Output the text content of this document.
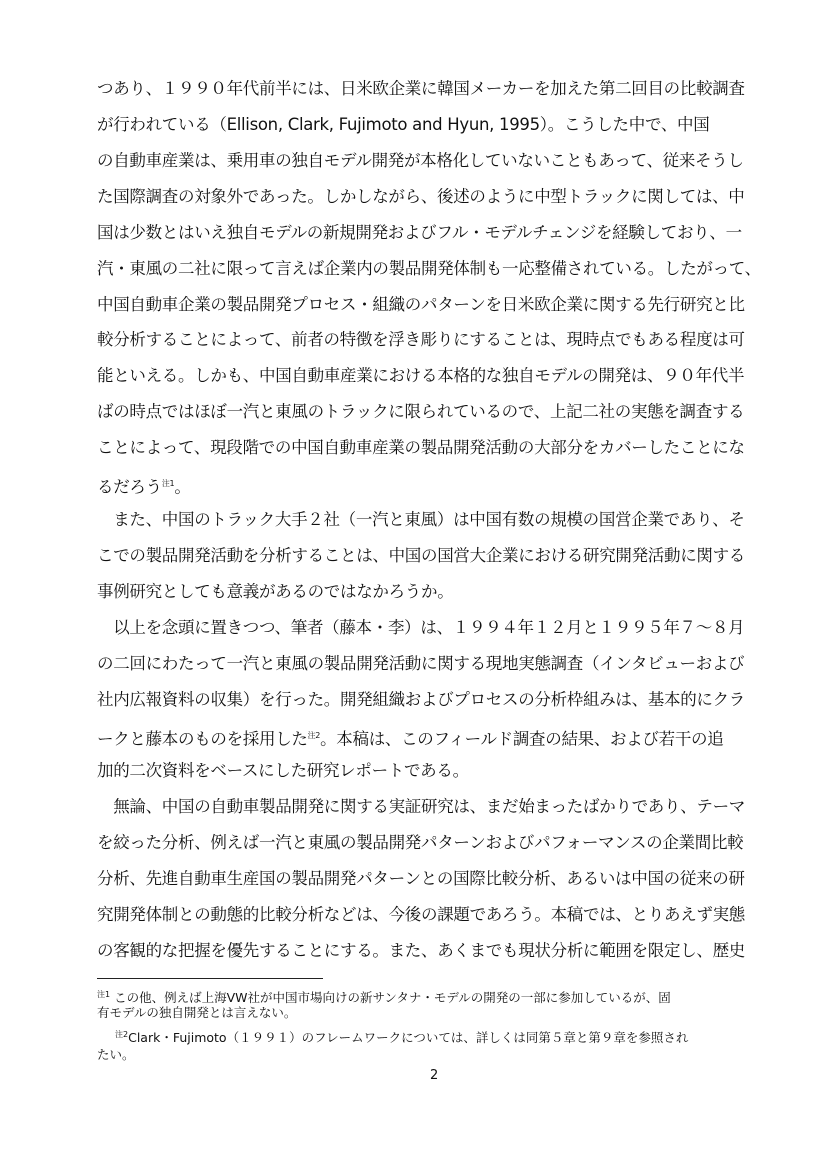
つあり、１９９０年代前半には、日米欧企業に韓国メーカーを加えた第二回目の比較調査
が行われている（Ellison, Clark, Fujimoto and Hyun, 1995）。こうした中で、中国
の自動車産業は、乗用車の独自モデル開発が本格化していないこともあって、従来そうし
た国際調査の対象外であった。しかしながら、後述のように中型トラックに関しては、中
国は少数とはいえ独自モデルの新規開発およびフル・モデルチェンジを経験しており、一
汽・東風の二社に限って言えば企業内の製品開発体制も一応整備されている。したがって、
中国自動車企業の製品開発プロセス・組織のパターンを日米欧企業に関する先行研究と比
較分析することによって、前者の特徴を浮き彫りにすることは、現時点でもある程度は可
能といえる。しかも、中国自動車産業における本格的な独自モデルの開発は、９０年代半
ばの時点ではほぼ一汽と東風のトラックに限られているので、上記二社の実態を調査する
ことによって、現段階での中国自動車産業の製品開発活動の大部分をカバーしたことにな
るだろう$^{注1}$。
　また、中国のトラック大手２社（一汽と東風）は中国有数の規模の国営企業であり、そ
こでの製品開発活動を分析することは、中国の国営大企業における研究開発活動に関する
事例研究としても意義があるのではなかろうか。
　以上を念頭に置きつつ、筆者（藤本・李）は、１９９４年１２月と１９９５年７～８月
の二回にわたって一汽と東風の製品開発活動に関する現地実態調査（インタビューおよび
社内広報資料の収集）を行った。開発組織およびプロセスの分析枠組みは、基本的にクラ
ークと藤本のものを採用した$^{注2}$。本稿は、このフィールド調査の結果、および若干の追
加的二次資料をベースにした研究レポートである。
　無論、中国の自動車製品開発に関する実証研究は、まだ始まったばかりであり、テーマ
を絞った分析、例えば一汽と東風の製品開発パターンおよびパフォーマンスの企業間比較
分析、先進自動車生産国の製品開発パターンとの国際比較分析、あるいは中国の従来の研
究開発体制との動態的比較分析などは、今後の課題であろう。本稿では、とりあえず実態
の客観的な把握を優先することにする。また、あくまでも現状分析に範囲を限定し、歴史
$^{注1}$ この他、例えば上海VW社が中国市場向けの新サンタナ・モデルの開発の一部に参加しているが、固
有モデルの独自開発とは言えない。
$^{注2}$Clark・Fujimoto（１９９１）のフレームワークについては、詳しくは同第５章と第９章を参照され
たい。
2
